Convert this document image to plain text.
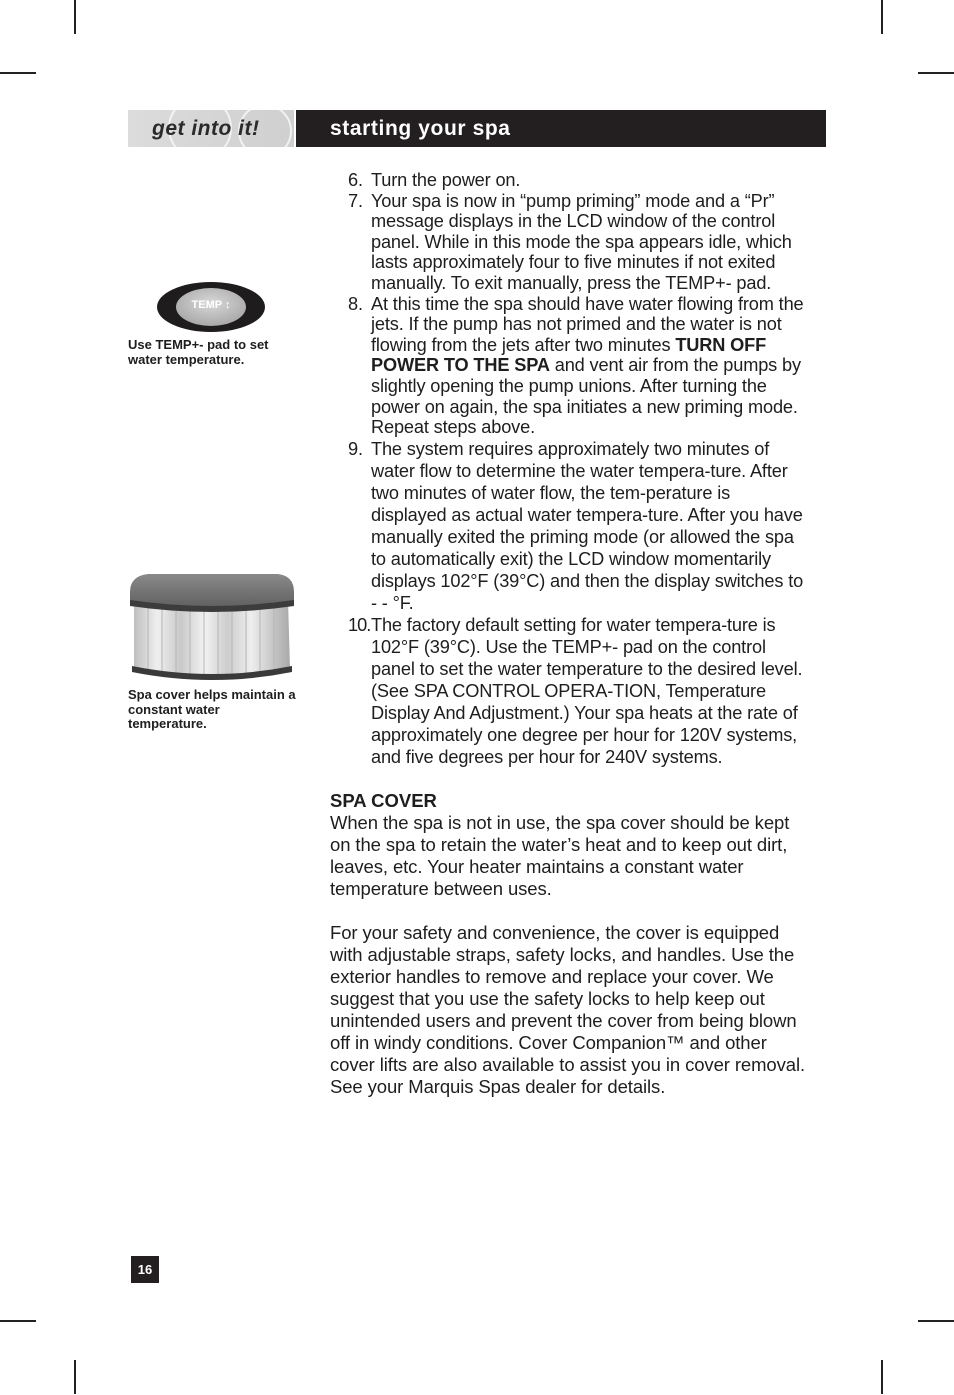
get into it!	starting your spa
TEMP ↕
Use TEMP+- pad to set water temperature.
Spa cover helps maintain a constant water temperature.
6. Turn the power on.
7. Your spa is now in “pump priming” mode and a “Pr” message displays in the LCD window of the control panel. While in this mode the spa appears idle, which lasts approximately four to five minutes if not exited manually. To exit manually, press the TEMP+- pad.
8. At this time the spa should have water flowing from the jets. If the pump has not primed and the water is not flowing from the jets after two minutes TURN OFF POWER TO THE SPA and vent air from the pumps by slightly opening the pump unions. After turning the power on again, the spa initiates a new priming mode. Repeat steps above.
9. The system requires approximately two minutes of water flow to determine the water tempera-ture. After two minutes of water flow, the tem-perature is displayed as actual water tempera-ture. After you have manually exited the priming mode (or allowed the spa to automatically exit) the LCD window momentarily displays 102°F (39°C) and then the display switches to - - °F.
10. The factory default setting for water tempera-ture is 102°F (39°C). Use the TEMP+- pad on the control panel to set the water temperature to the desired level. (See SPA CONTROL OPERA-TION, Temperature Display And Adjustment.) Your spa heats at the rate of approximately one degree per hour for 120V systems, and five degrees per hour for 240V systems.
SPA COVER

When the spa is not in use, the spa cover should be kept on the spa to retain the water’s heat and to keep out dirt, leaves, etc. Your heater maintains a constant water temperature between uses.

For your safety and convenience, the cover is equipped with adjustable straps, safety locks, and handles. Use the exterior handles to remove and replace your cover. We suggest that you use the safety locks to help keep out unintended users and prevent the cover from being blown off in windy conditions. Cover Companion™ and other cover lifts are also available to assist you in cover removal. See your Marquis Spas dealer for details.

16
